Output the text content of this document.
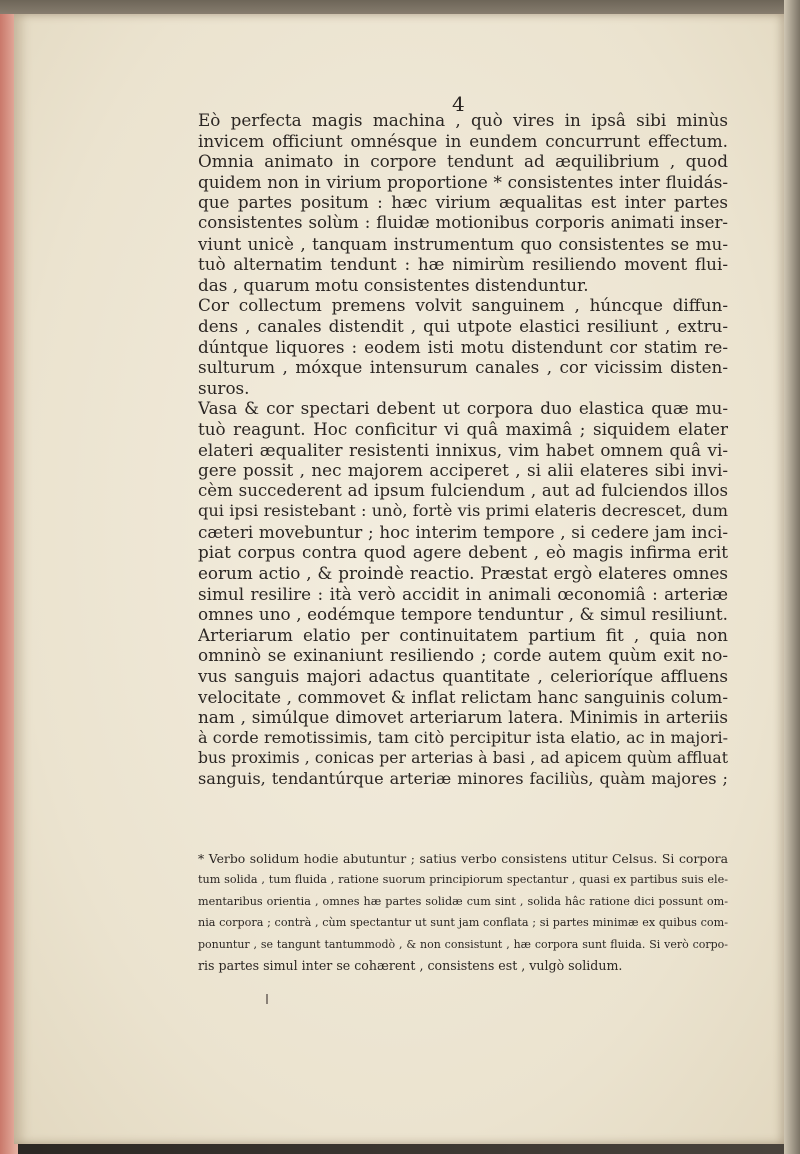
4

Eò perfecta magis machina , quò vires in ipsâ sibi minùs
invicem officiunt omnésque in eundem concurrunt effectum.
Omnia animato in corpore tendunt ad æquilibrium , quod
quidem non in virium proportione * consistentes inter fluidás-
que partes positum : hæc virium æqualitas est inter partes
consistentes solùm : fluidæ motionibus corporis animati inser-
viunt unicè , tanquam instrumentum quo consistentes se mu-
tuò alternatim tendunt : hæ nimirùm resiliendo movent flui-
das , quarum motu consistentes distenduntur.
Cor collectum premens volvit sanguinem , húncque diffun-
dens , canales distendit , qui utpote elastici resiliunt , extru-
dúntque liquores : eodem isti motu distendunt cor statim re-
sulturum , móxque intensurum canales , cor vicissim disten-
suros.
Vasa & cor spectari debent ut corpora duo elastica quæ mu-
tuò reagunt. Hoc conficitur vi quâ maximâ ; siquidem elater
elateri æqualiter resistenti innixus, vim habet omnem quâ vi-
gere possit , nec majorem acciperet , si alii elateres sibi invi-
cèm succederent ad ipsum fulciendum , aut ad fulciendos illos
qui ipsi resistebant : unò, fortè vis primi elateris decrescet, dum
cæteri movebuntur ; hoc interim tempore , si cedere jam inci-
piat corpus contra quod agere debent , eò magis infirma erit
eorum actio , & proindè reactio. Præstat ergò elateres omnes
simul resilire : ità verò accidit in animali œconomiâ : arteriæ
omnes uno , eodémque tempore tenduntur , & simul resiliunt.
Arteriarum elatio per continuitatem partium fit , quia non
omninò se exinaniunt resiliendo ; corde autem quùm exit no-
vus sanguis majori adactus quantitate , celerioríque affluens
velocitate , commovet & inflat relictam hanc sanguinis colum-
nam , simúlque dimovet arteriarum latera. Minimis in arteriis
à corde remotissimis, tam citò percipitur ista elatio, ac in majori-
bus proximis , conicas per arterias à basi , ad apicem quùm affluat
sanguis, tendantúrque arteriæ minores faciliùs, quàm majores ;
* Verbo solidum hodie abutuntur ; satius verbo consistens utitur Celsus. Si corpora
tum solida , tum fluida , ratione suorum principiorum spectantur , quasi ex partibus suis ele-
mentaribus orientia , omnes hæ partes solidæ cum sint , solida hâc ratione dici possunt om-
nia corpora ; contrà , cùm spectantur ut sunt jam conflata ; si partes minimæ ex quibus com-
ponuntur , se tangunt tantummodò , & non consistunt , hæ corpora sunt fluida. Si verò corpo-
ris partes simul inter se cohærent , consistens est , vulgò solidum.
